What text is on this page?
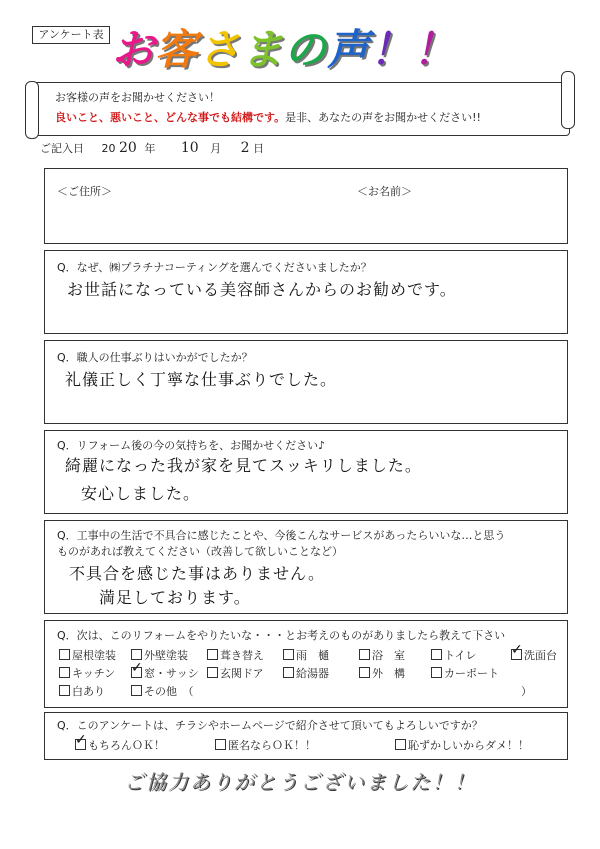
アンケート表 お客さまの声！！
お客様の声をお聞かせください！
良いこと、悪いこと、どんな事でも結構です。是非、あなたの声をお聞かせください!!
ご記入日 20 20 年 10 月 2 日
＜ご住所＞	＜お名前＞
Q．なぜ、㈱プラチナコーティングを選んでくださいましたか？
お世話になっている美容師さんからのお勧めです。
Q．職人の仕事ぶりはいかがでしたか？
礼儀正しく丁寧な仕事ぶりでした。
Q．リフォーム後の今の気持ちを、お聞かせください♪
綺麗になった我が家を見てスッキリしました。
安心しました。
Q．工事中の生活で不具合に感じたことや、今後こんなサービスがあったらいいな…と思う
ものがあれば教えてください（改善して欲しいことなど）
不具合を感じた事はありません。
満足しております。
Q．次は、このリフォームをやりたいな・・・とお考えのものがありましたら教えて下さい
屋根塗装	外壁塗装	葺き替え	雨　樋	浴　室	トイレ ✓ 洗面台
キッチン ✓ 窓・サッシ 玄関ドア	給湯器	外　構	カーポート
白あり	その他　（	）
Q．このアンケートは、チラシやホームページで紹介させて頂いてもよろしいですか？
✓ もちろんＯＫ！	匿名ならＯＫ！！	恥ずかしいからダメ！！
ご協力ありがとうございました！！
